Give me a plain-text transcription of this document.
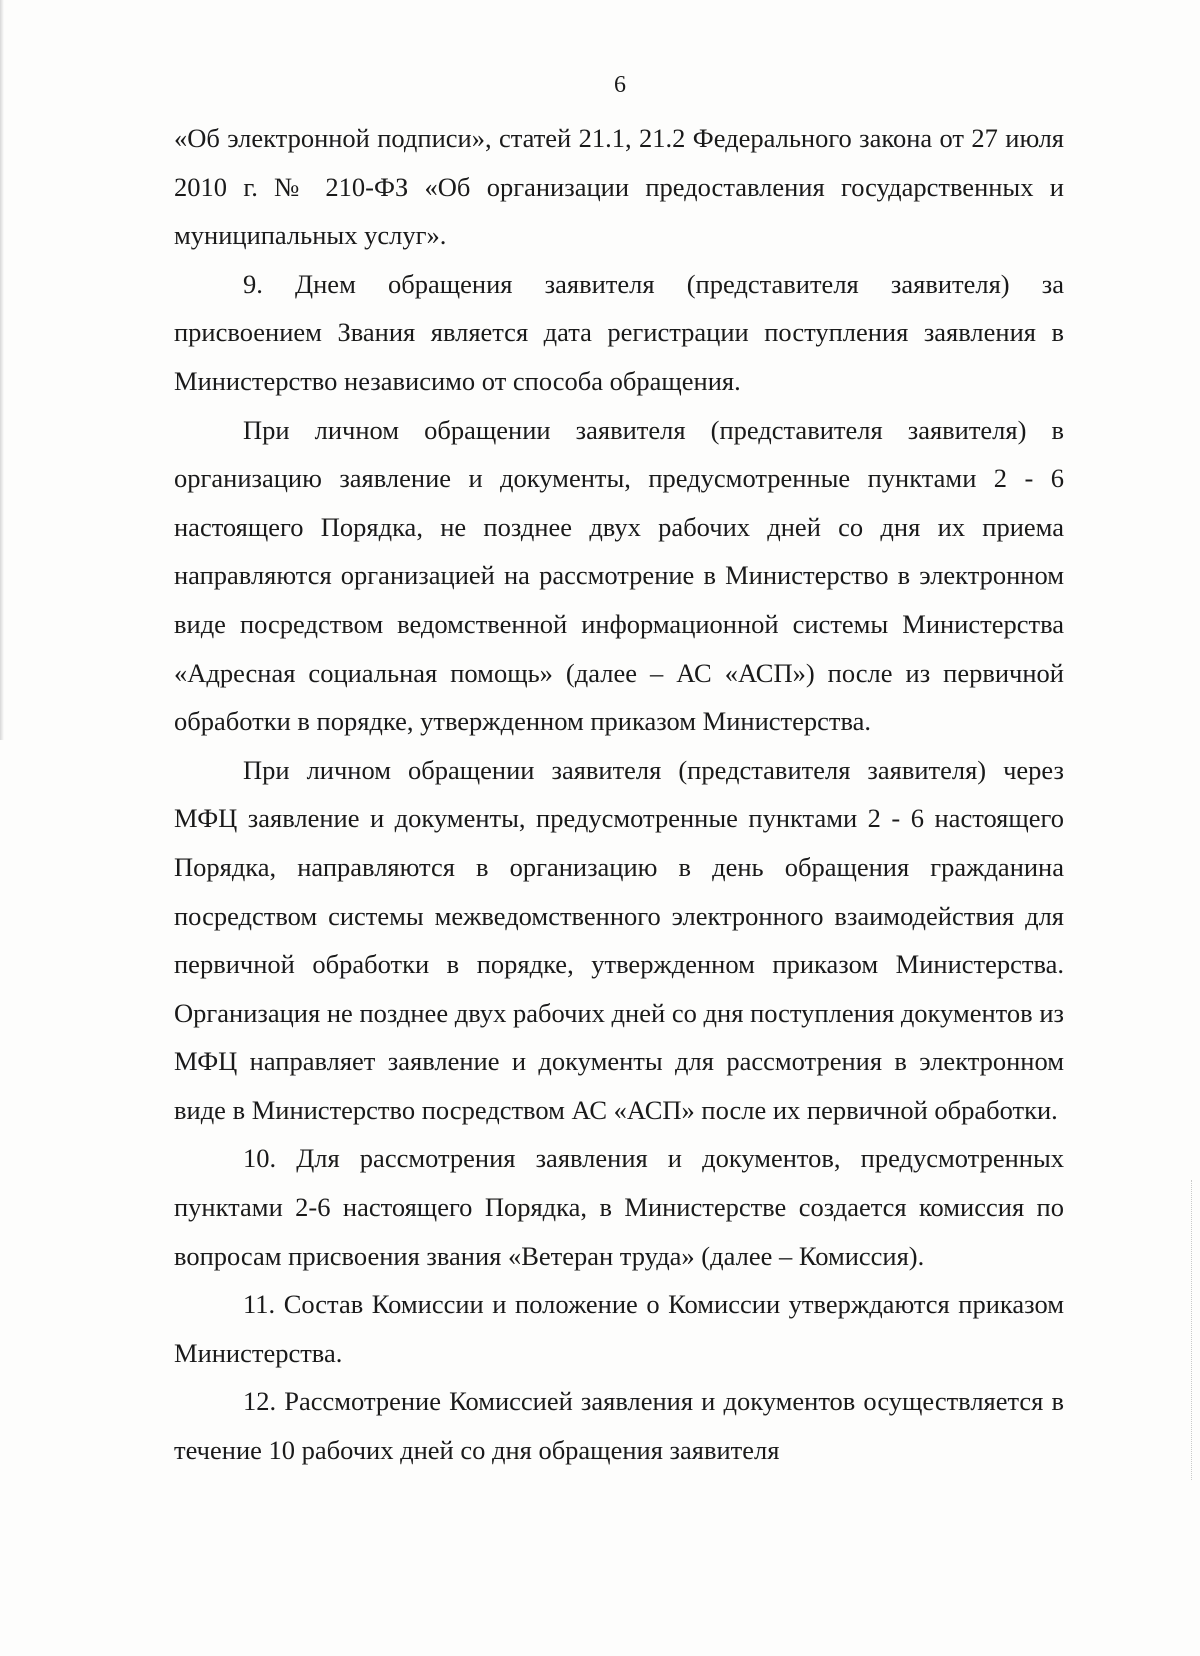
6

«Об электронной подписи», статей 21.1, 21.2 Федерального закона от 27 июля 2010 г. № 210-ФЗ «Об организации предоставления государственных и муниципальных услуг».

9. Днем обращения заявителя (представителя заявителя) за присвоением Звания является дата регистрации поступления заявления в Министерство независимо от способа обращения.

При личном обращении заявителя (представителя заявителя) в организацию заявление и документы, предусмотренные пунктами 2 - 6 настоящего Порядка, не позднее двух рабочих дней со дня их приема направляются организацией на рассмотрение в Министерство в электронном виде посредством ведомственной информационной системы Министерства «Адресная социальная помощь» (далее – АС «АСП») после из первичной обработки в порядке, утвержденном приказом Министерства.

При личном обращении заявителя (представителя заявителя) через МФЦ заявление и документы, предусмотренные пунктами 2 - 6 настоящего Порядка, направляются в организацию в день обращения гражданина посредством системы межведомственного электронного взаимодействия для первичной обработки в порядке, утвержденном приказом Министерства. Организация не позднее двух рабочих дней со дня поступления документов из МФЦ направляет заявление и документы для рассмотрения в электронном виде в Министерство посредством АС «АСП» после их первичной обработки.

10. Для рассмотрения заявления и документов, предусмотренных пунктами 2-6 настоящего Порядка, в Министерстве создается комиссия по вопросам присвоения звания «Ветеран труда» (далее – Комиссия).

11. Состав Комиссии и положение о Комиссии утверждаются приказом Министерства.

12. Рассмотрение Комиссией заявления и документов осуществляется в течение 10 рабочих дней со дня обращения заявителя
